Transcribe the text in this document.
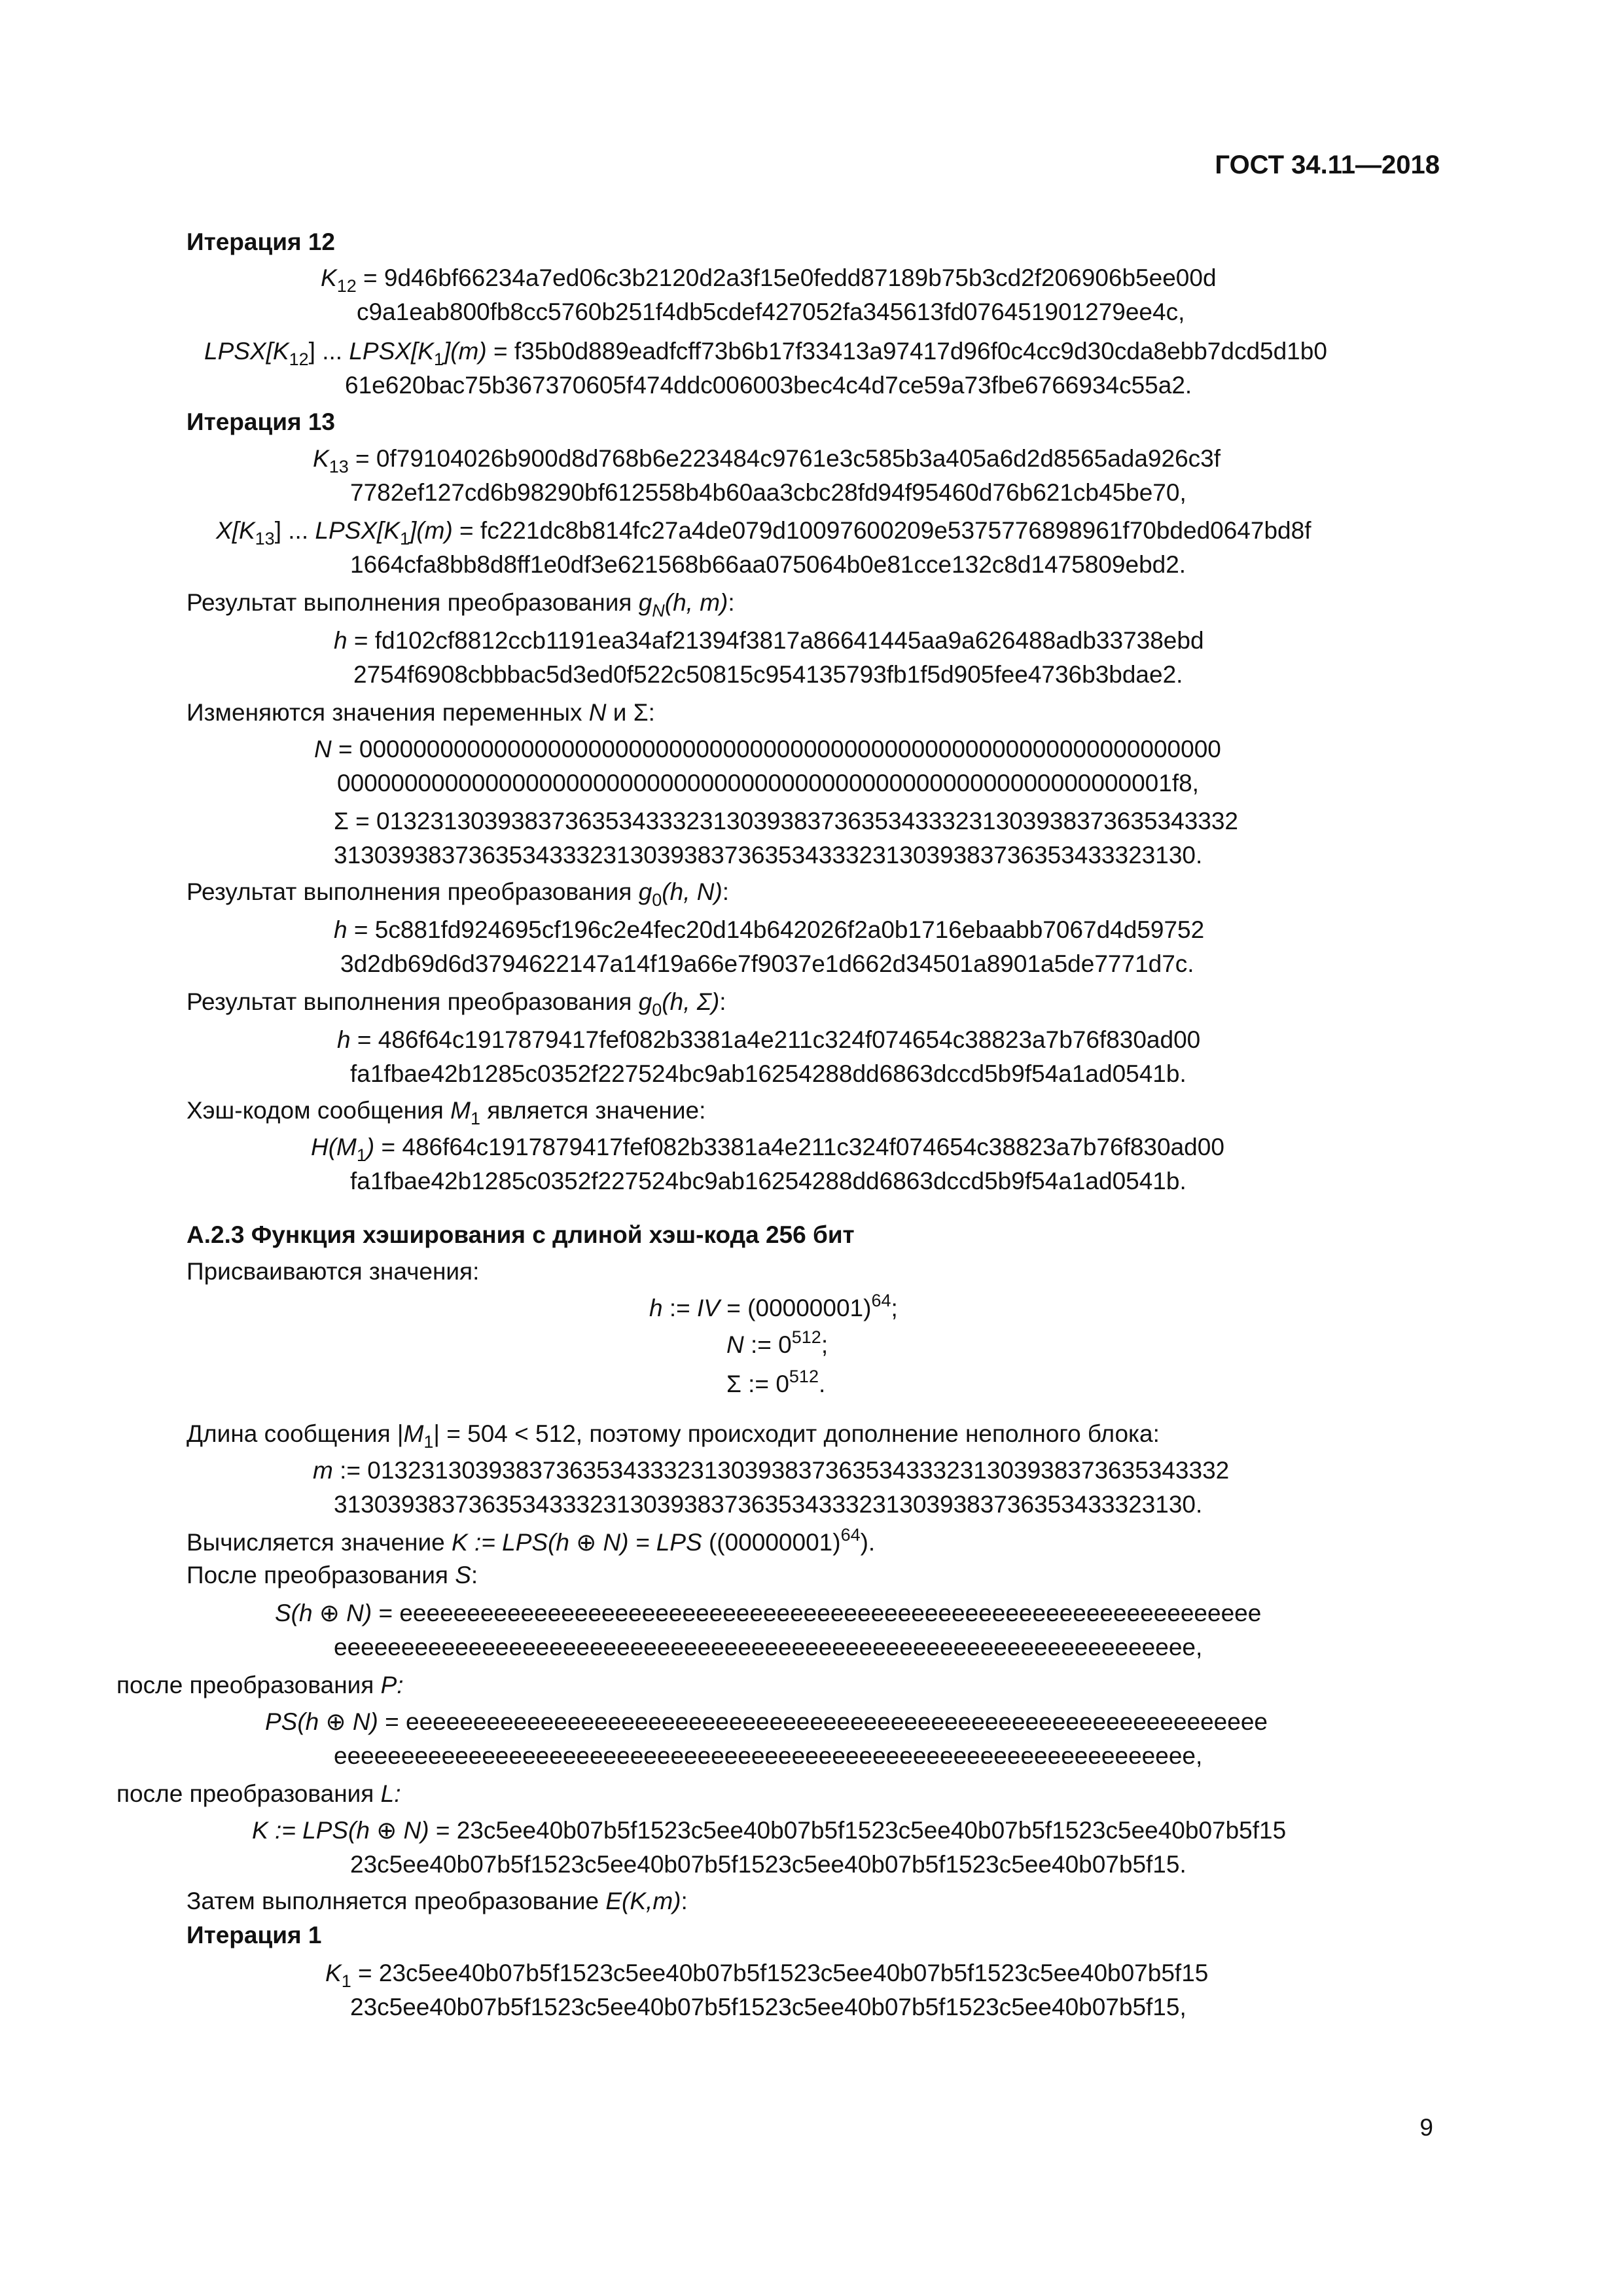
ГОСТ 34.11—2018
Итерация 12
$K_{12}$ = 9d46bf66234a7ed06c3b2120d2a3f15e0fedd87189b75b3cd2f206906b5ee00d
c9a1eab800fb8cc5760b251f4db5cdef427052fa345613fd076451901279ee4c,
$LPSX[K_{12}]$ ... $LPSX[K_1](m)$ = f35b0d889eadfcff73b6b17f33413a97417d96f0c4cc9d30cda8ebb7dcd5d1b0
61e620bac75b367370605f474ddc006003bec4c4d7ce59a73fbe6766934c55a2.
Итерация 13
$K_{13} = 0f79104026b900d8d768b6e223484c9761e3c585b3a405a6d2d8565ada926c3f$
7782ef127cd6b98290bf612558b4b60aa3cbc28fd94f95460d76b621cb45be70,
$X[K_{13}]$ ... $LPSX[K_1](m)$ = fc221dc8b814fc27a4de079d10097600209e5375776898961f70bded0647bd8f
1664cfa8bb8d8ff1e0df3e621568b66aa075064b0e81cce132c8d1475809ebd2.
Результат выполнения преобразования $g_N(h$, m):
h = fd102cf8812ccb1191ea34af21394f3817a86641445aa9a626488adb33738ebd
2754f6908cbbbac5d3ed0f522c50815c954135793fb1f5d905fee4736b3bdae2.
Изменяются значения переменных N и Σ:
N = 0000000000000000000000000000000000000000000000000000000000000000
00000000000000000000000000000000000000000000000000000000000001f8,
Σ = 0132313039383736353433323130393837363534333231303938373635343332
3130393837363534333231303938373635343332313039383736353433323130.
Результат выполнения преобразования $g_0(h$, N):
h = 5c881fd924695cf196c2e4fec20d14b642026f2a0b1716ebaabb7067d4d59752
3d2db69d6d3794622147a14f19a66e7f9037e1d662d34501a8901a5de7771d7c.
Результат выполнения преобразования $g_0(h$, Σ):
h = 486f64c1917879417fef082b3381a4e211c324f074654c38823a7b76f830ad00
fa1fbae42b1285c0352f227524bc9ab16254288dd6863dccd5b9f54a1ad0541b.
Хэш-кодом сообщения $M_1$ является значение:
$H(M_1) = 486f64c1917879417fef082b3381a4e211c324f074654c38823a7b76f830ad00$
fa1fbae42b1285c0352f227524bc9ab16254288dd6863dccd5b9f54a1ad0541b.
А.2.3 Функция хэширования с длиной хэш-кода 256 бит
Присваиваются значения:
h := IV = $(00000001)^{64}$;
N := $0^{512}$;
Σ := $0^{512}$.
Длина сообщения $|M_1| = 504 < 512$, поэтому происходит дополнение неполного блока:
m := 0132313039383736353433323130393837363534333231303938373635343332
3130393837363534333231303938373635343332313039383736353433323130.
Вычисляется значение K := LPS(h ⊕ N) = LPS $((00000001)^{64})$.
После преобразования S:
S(h ⊕ N) = eeeeeeeeeeeeeeeeeeeeeeeeeeeeeeeeeeeeeeeeeeeeeeeeeeeeeeeeeeeeeeee
eeeeeeeeeeeeeeeeeeeeeeeeeeeeeeeeeeeeeeeeeeeeeeeeeeeeeeeeeeeeeeee,
после преобразования P:
PS(h ⊕ N) = eeeeeeeeeeeeeeeeeeeeeeeeeeeeeeeeeeeeeeeeeeeeeeeeeeeeeeeeeeeeeeee
eeeeeeeeeeeeeeeeeeeeeeeeeeeeeeeeeeeeeeeeeeeeeeeeeeeeeeeeeeeeeeee,
после преобразования L:
K := LPS(h ⊕ N) = 23c5ee40b07b5f1523c5ee40b07b5f1523c5ee40b07b5f1523c5ee40b07b5f15
23c5ee40b07b5f1523c5ee40b07b5f1523c5ee40b07b5f1523c5ee40b07b5f15.
Затем выполняется преобразование E(K,m):
Итерация 1
$K_1 = 23c5ee40b07b5f1523c5ee40b07b5f1523c5ee40b07b5f1523c5ee40b07b5f15$
23c5ee40b07b5f1523c5ee40b07b5f1523c5ee40b07b5f1523c5ee40b07b5f15,
9
